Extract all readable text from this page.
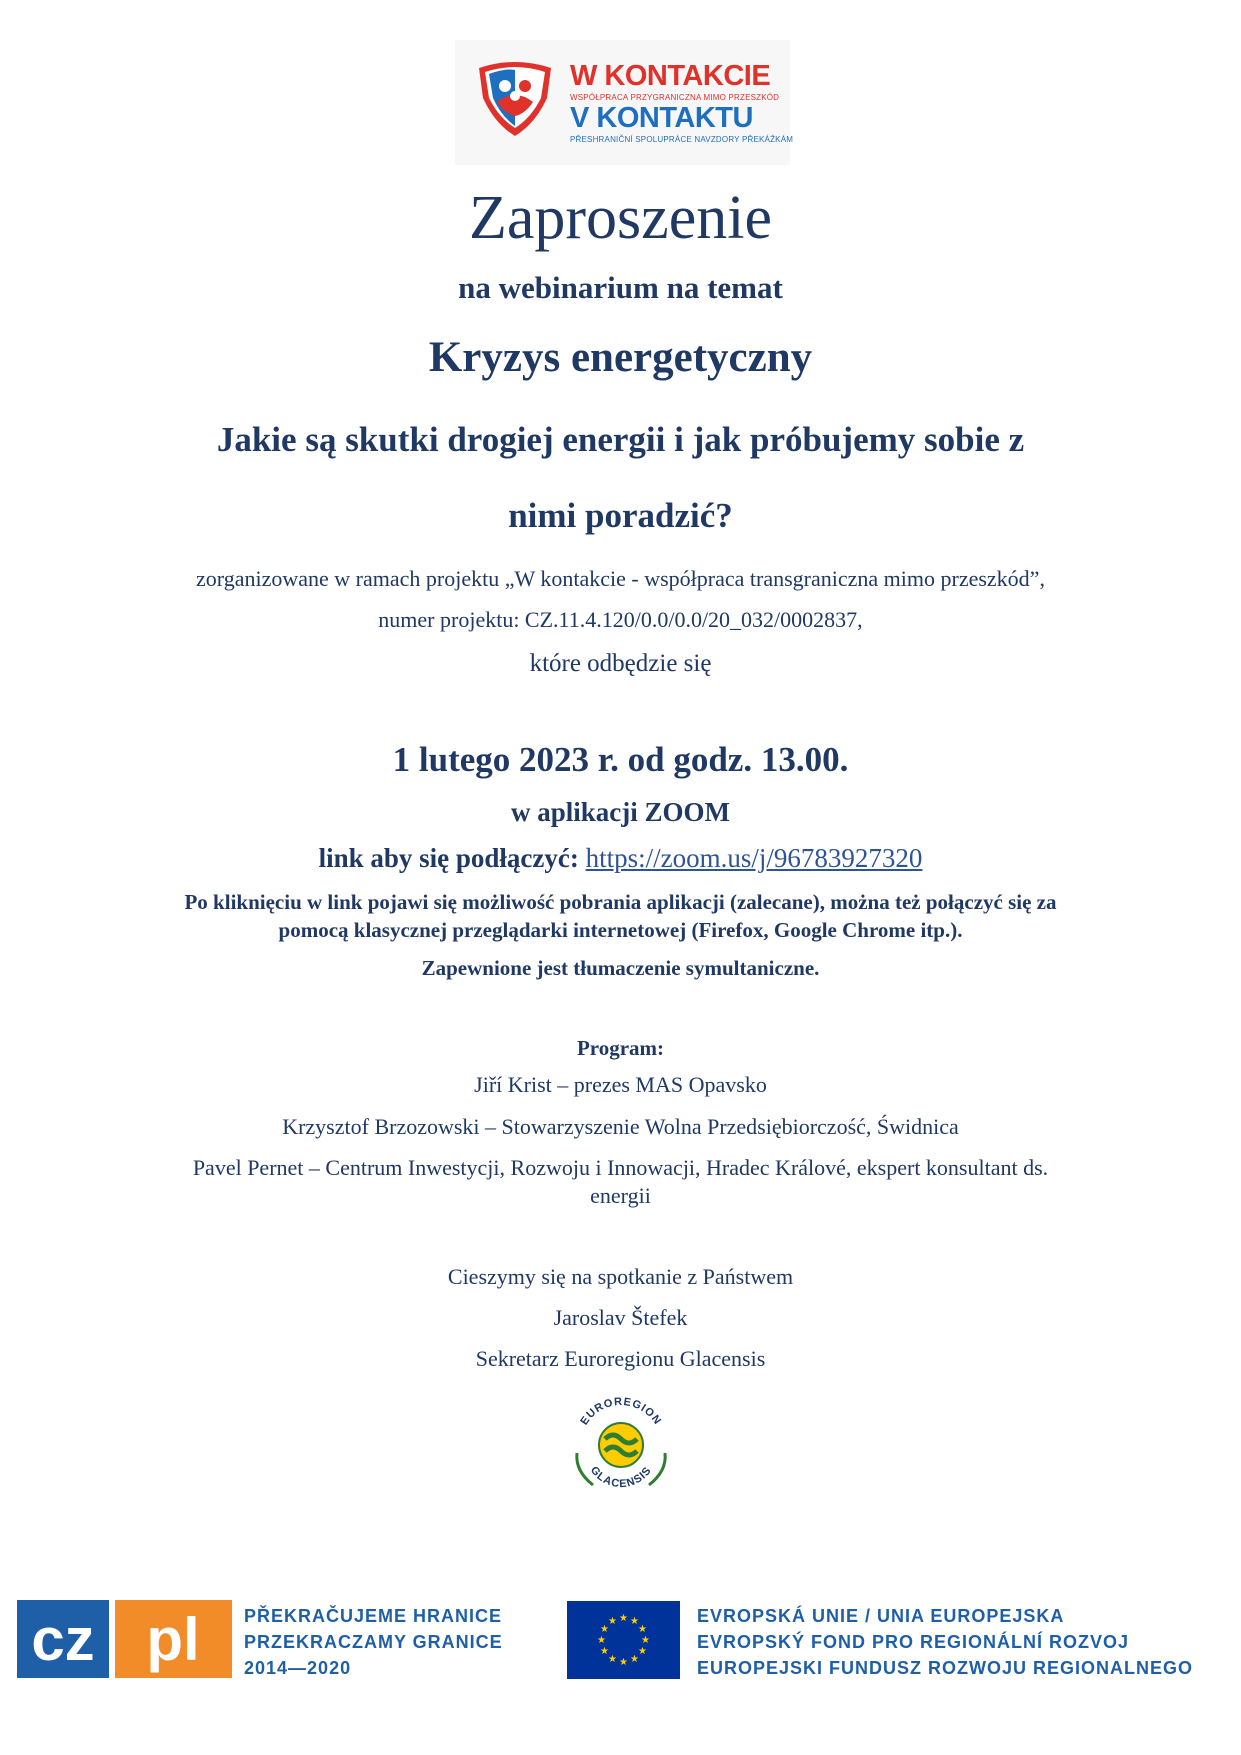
W KONTAKCIE
WSPÓŁPRACA PRZYGRANICZNA MIMO PRZESZKÓD
V KONTAKTU
PŘESHRANIČNÍ SPOLUPRÁCE NAVZDORY PŘEKÁŽKÁM
Zaproszenie
na webinarium na temat
Kryzys energetyczny
Jakie są skutki drogiej energii i jak próbujemy sobie z
nimi poradzić?
zorganizowane w ramach projektu „W kontakcie - współpraca transgraniczna mimo przeszkód”,
numer projektu: CZ.11.4.120/0.0/0.0/20_032/0002837,
które odbędzie się
1 lutego 2023 r. od godz. 13.00.
w aplikacji ZOOM
link aby się podłączyć: https://zoom.us/j/96783927320
Po kliknięciu w link pojawi się możliwość pobrania aplikacji (zalecane), można też połączyć się za
pomocą klasycznej przeglądarki internetowej (Firefox, Google Chrome itp.).
Zapewnione jest tłumaczenie symultaniczne.
Program:
Jiří Krist – prezes MAS Opavsko
Krzysztof Brzozowski – Stowarzyszenie Wolna Przedsiębiorczość, Świdnica
Pavel Pernet – Centrum Inwestycji, Rozwoju i Innowacji, Hradec Králové, ekspert konsultant ds.
energii
Cieszymy się na spotkanie z Państwem
Jaroslav Štefek
Sekretarz Euroregionu Glacensis
EUROREGION
GLACENSIS
cz pl PŘEKRAČUJEME HRANICE
PRZEKRACZAMY GRANICE
2014—2020
★ ★
★
★
★
★
★
★
★
★
★
★	EVROPSKÁ UNIE / UNIA EUROPEJSKA
EVROPSKÝ FOND PRO REGIONÁLNÍ ROZVOJ
EUROPEJSKI FUNDUSZ ROZWOJU REGIONALNEGO
